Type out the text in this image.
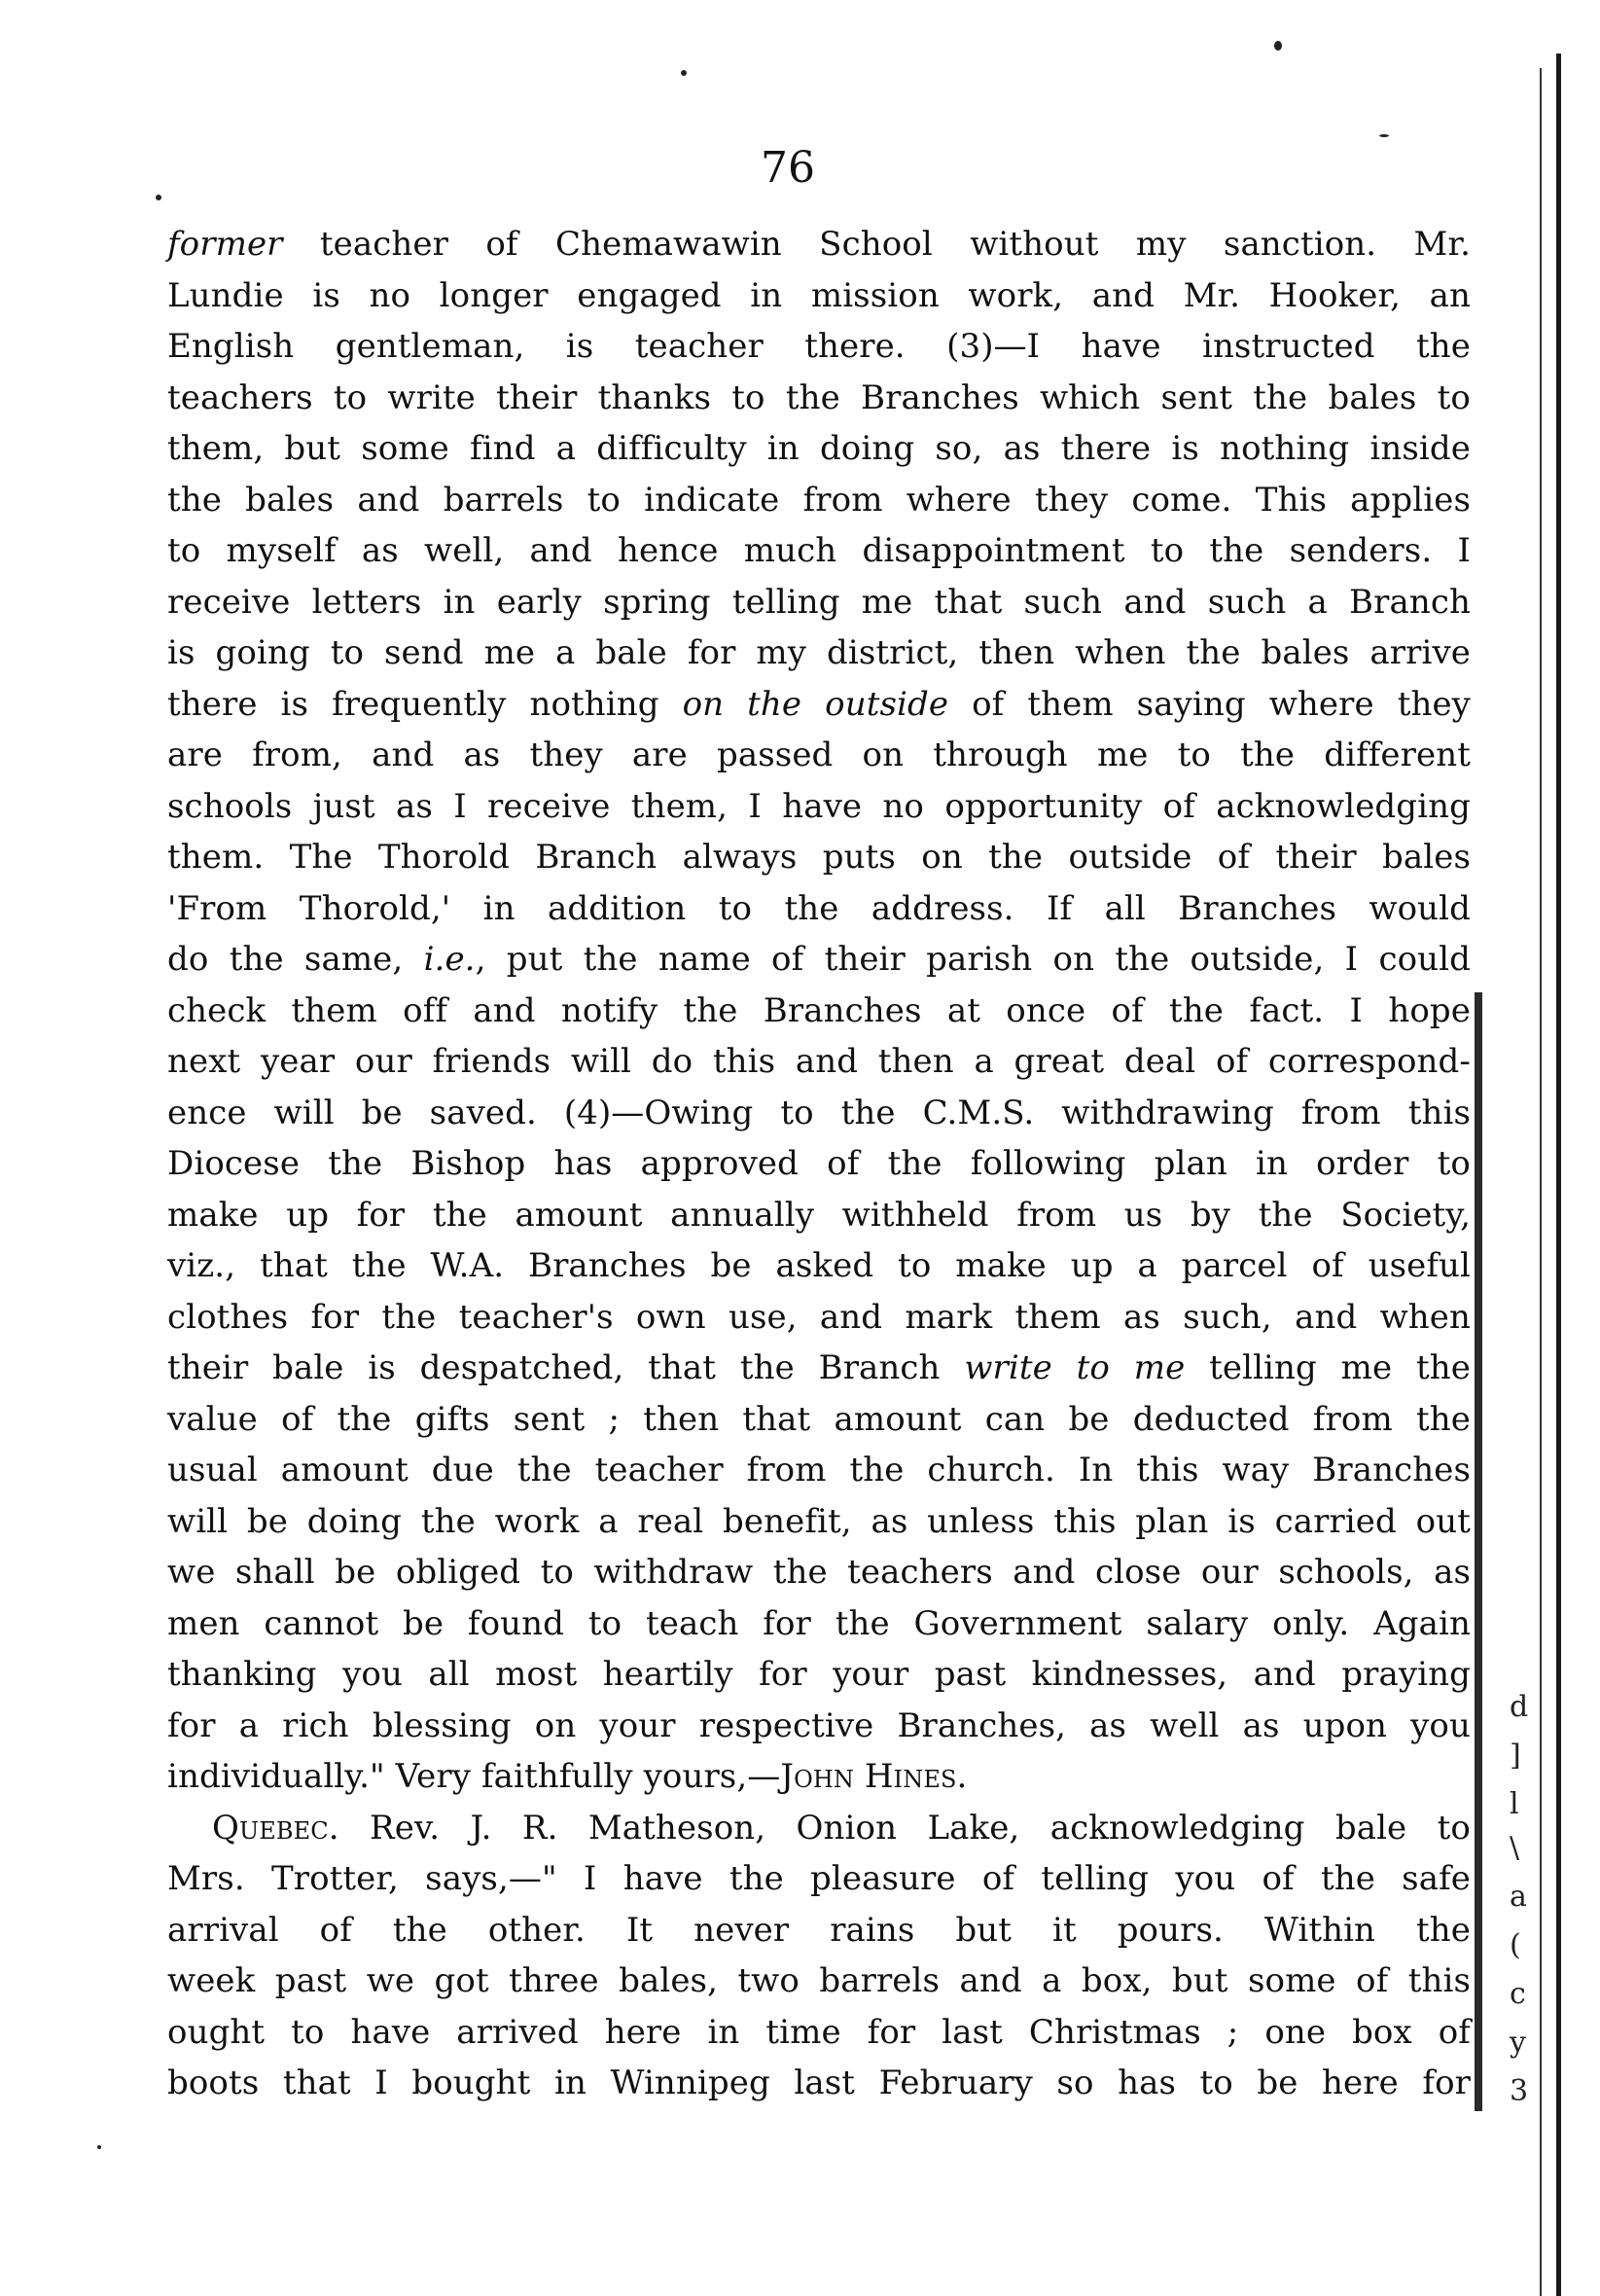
76
former teacher of Chemawawin School without my sanction. Mr.
Lundie is no longer engaged in mission work, and Mr. Hooker, an
English gentleman, is teacher there. (3)—I have instructed the
teachers to write their thanks to the Branches which sent the bales to
them, but some find a difficulty in doing so, as there is nothing inside
the bales and barrels to indicate from where they come. This applies
to myself as well, and hence much disappointment to the senders. I
receive letters in early spring telling me that such and such a Branch
is going to send me a bale for my district, then when the bales arrive
there is frequently nothing on the outside of them saying where they
are from, and as they are passed on through me to the different
schools just as I receive them, I have no opportunity of acknowledging
them. The Thorold Branch always puts on the outside of their bales
'From Thorold,' in addition to the address. If all Branches would
do the same, i.e., put the name of their parish on the outside, I could
check them off and notify the Branches at once of the fact. I hope
next year our friends will do this and then a great deal of correspond-
ence will be saved. (4)—Owing to the C.M.S. withdrawing from this
Diocese the Bishop has approved of the following plan in order to
make up for the amount annually withheld from us by the Society,
viz., that the W.A. Branches be asked to make up a parcel of useful
clothes for the teacher's own use, and mark them as such, and when
their bale is despatched, that the Branch write to me telling me the
value of the gifts sent ; then that amount can be deducted from the
usual amount due the teacher from the church. In this way Branches
will be doing the work a real benefit, as unless this plan is carried out
we shall be obliged to withdraw the teachers and close our schools, as
men cannot be found to teach for the Government salary only. Again
thanking you all most heartily for your past kindnesses, and praying
for a rich blessing on your respective Branches, as well as upon you
individually." Very faithfully yours,—John Hines.
Quebec. Rev. J. R. Matheson, Onion Lake, acknowledging bale to
Mrs. Trotter, says,—" I have the pleasure of telling you of the safe
arrival of the other. It never rains but it pours. Within the
week past we got three bales, two barrels and a box, but some of this
ought to have arrived here in time for last Christmas ; one box of
boots that I bought in Winnipeg last February so has to be here for
d
]
l
\
a
(
c
y
3
